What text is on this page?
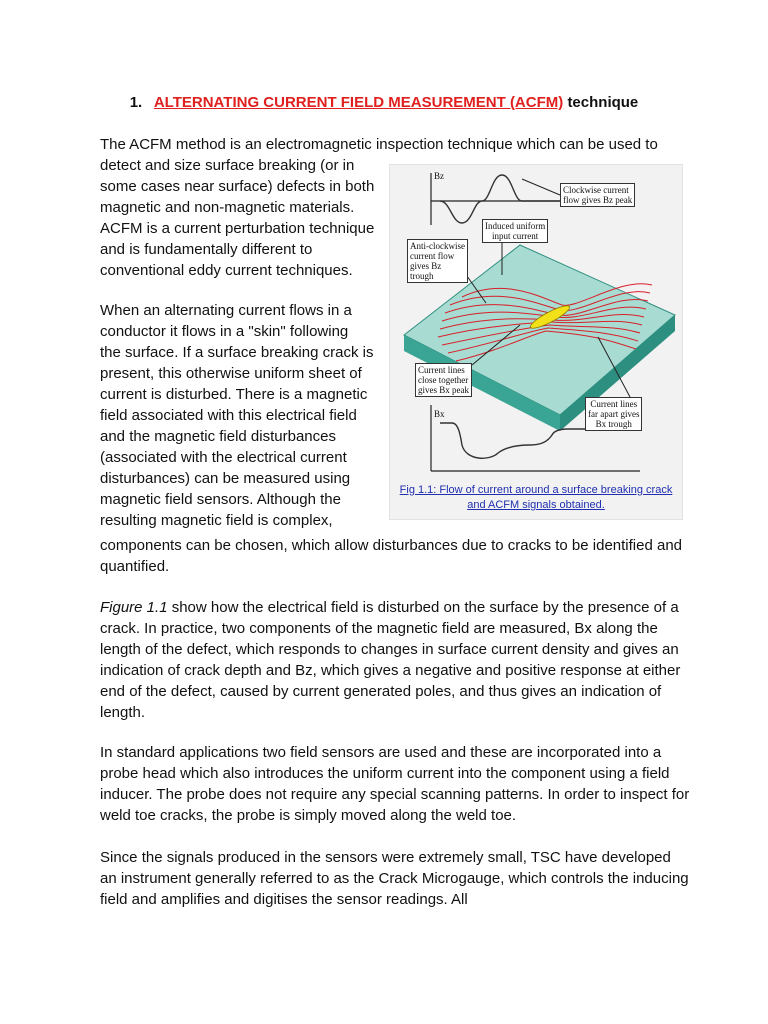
1. ALTERNATING CURRENT FIELD MEASUREMENT (ACFM) technique

The ACFM method is an electromagnetic inspection technique which can be used to

detect and size surface breaking (or in
some cases near surface) defects in both
magnetic and non-magnetic materials.
ACFM is a current perturbation technique
and is fundamentally different to
conventional eddy current techniques.
When an alternating current flows in a
conductor it flows in a "skin" following
the surface. If a surface breaking crack is
present, this otherwise uniform sheet of
current is disturbed. There is a magnetic
field associated with this electrical field
and the magnetic field disturbances
(associated with the electrical current
disturbances) can be measured using
magnetic field sensors. Although the
resulting magnetic field is complex,

components can be chosen, which allow disturbances due to cracks to be identified and quantified.

Figure 1.1 show how the electrical field is disturbed on the surface by the presence of a crack. In practice, two components of the magnetic field are measured, Bx along the length of the defect, which responds to changes in surface current density and gives an indication of crack depth and Bz, which gives a negative and positive response at either end of the defect, caused by current generated poles, and thus gives an indication of length.

In standard applications two field sensors are used and these are incorporated into a probe head which also introduces the uniform current into the component using a field inducer. The probe does not require any special scanning patterns. In order to inspect for weld toe cracks, the probe is simply moved along the weld toe.

Since the signals produced in the sensors were extremely small, TSC have developed an instrument generally referred to as the Crack Microgauge, which controls the inducing field and amplifies and digitises the sensor readings. All

Bz
Bx
Clockwise current
flow gives Bz peak
Induced uniform
input current
Anti-clockwise
current flow
gives Bz
trough
Current lines
close together
gives Bx peak
Current lines
far apart gives
Bx trough
Fig 1.1: Flow of current around a surface breaking crack
and ACFM signals obtained.
